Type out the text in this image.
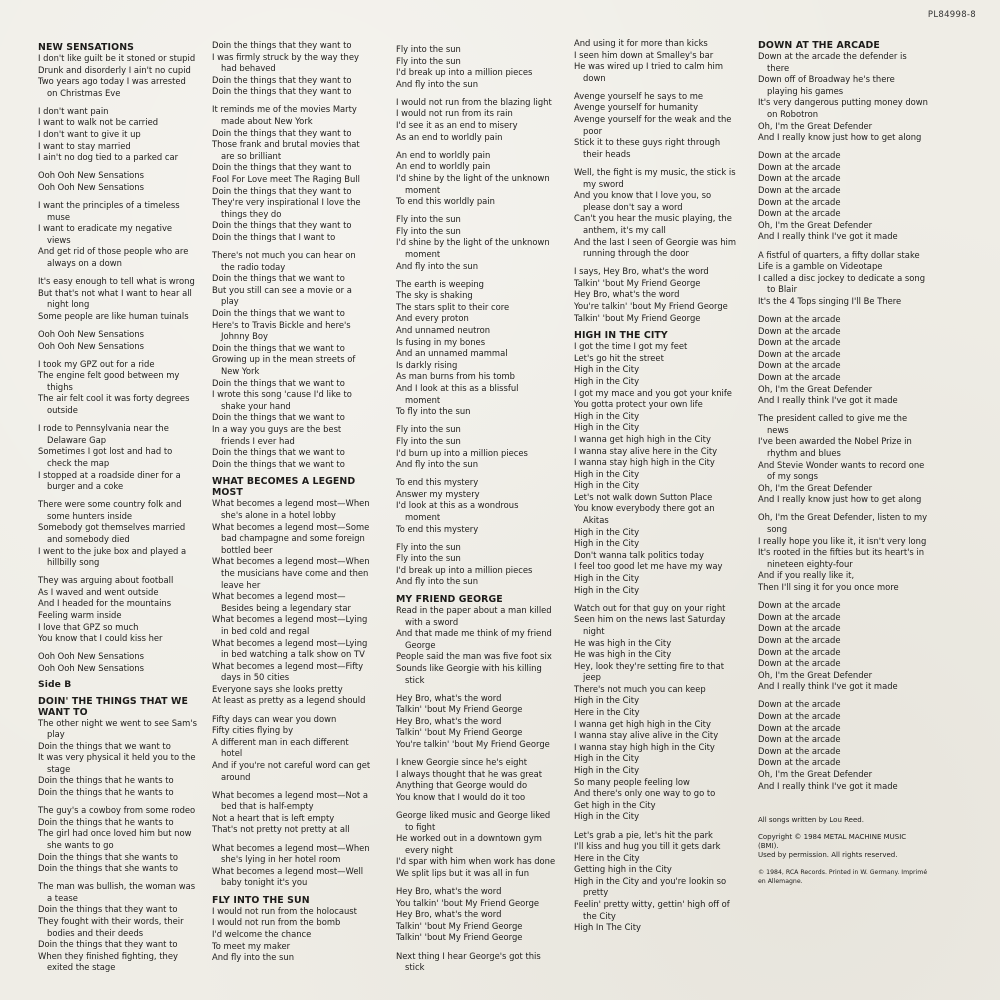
PL84998-8
NEW SENSATIONS
I don't like guilt be it stoned or stupid
Drunk and disorderly I ain't no cupid
Two years ago today I was arrested on Christmas Eve
I don't want pain
I want to walk not be carried
I don't want to give it up
I want to stay married
I ain't no dog tied to a parked car
Ooh Ooh New Sensations
Ooh Ooh New Sensations
I want the principles of a timeless muse
I want to eradicate my negative views
And get rid of those people who are always on a down
It's easy enough to tell what is wrong
But that's not what I want to hear all night long
Some people are like human tuinals
Ooh Ooh New Sensations
Ooh Ooh New Sensations
I took my GPZ out for a ride
The engine felt good between my thighs
The air felt cool it was forty degrees outside
I rode to Pennsylvania near the Delaware Gap
Sometimes I got lost and had to check the map
I stopped at a roadside diner for a burger and a coke
There were some country folk and some hunters inside
Somebody got themselves married and somebody died
I went to the juke box and played a hillbilly song
They was arguing about football
As I waved and went outside
And I headed for the mountains
Feeling warm inside
I love that GPZ so much
You know that I could kiss her
Ooh Ooh New Sensations
Ooh Ooh New Sensations
Side B
DOIN' THE THINGS THAT WE WANT TO
The other night we went to see Sam's play
Doin the things that we want to
It was very physical it held you to the stage
Doin the things that he wants to
Doin the things that he wants to
The guy's a cowboy from some rodeo
Doin the things that he wants to
The girl had once loved him but now she wants to go
Doin the things that she wants to
Doin the things that she wants to
The man was bullish, the woman was a tease
Doin the things that they want to
They fought with their words, their bodies and their deeds
Doin the things that they want to
When they finished fighting, they exited the stage
Doin the things that they want to
I was firmly struck by the way they had behaved
Doin the things that they want to
Doin the things that they want to
It reminds me of the movies Marty made about New York
Doin the things that they want to
Those frank and brutal movies that are so brilliant
Doin the things that they want to
Fool For Love meet The Raging Bull
Doin the things that they want to
They're very inspirational I love the things they do
Doin the things that they want to
Doin the things that I want to
There's not much you can hear on the radio today
Doin the things that we want to
But you still can see a movie or a play
Doin the things that we want to
Here's to Travis Bickle and here's Johnny Boy
Doin the things that we want to
Growing up in the mean streets of New York
Doin the things that we want to
I wrote this song 'cause I'd like to shake your hand
Doin the things that we want to
In a way you guys are the best friends I ever had
Doin the things that we want to
Doin the things that we want to
WHAT BECOMES A LEGEND MOST
What becomes a legend most—When she's alone in a hotel lobby
What becomes a legend most—Some bad champagne and some foreign bottled beer
What becomes a legend most—When the musicians have come and then leave her
What becomes a legend most— Besides being a legendary star
What becomes a legend most—Lying in bed cold and regal
What becomes a legend most—Lying in bed watching a talk show on TV
What becomes a legend most—Fifty days in 50 cities
Everyone says she looks pretty
At least as pretty as a legend should
Fifty days can wear you down
Fifty cities flying by
A different man in each different hotel
And if you're not careful word can get around
What becomes a legend most—Not a bed that is half-empty
Not a heart that is left empty
That's not pretty not pretty at all
What becomes a legend most—When she's lying in her hotel room
What becomes a legend most—Well baby tonight it's you
FLY INTO THE SUN
I would not run from the holocaust
I would not run from the bomb
I'd welcome the chance
To meet my maker
And fly into the sun
Fly into the sun
Fly into the sun
I'd break up into a million pieces
And fly into the sun
I would not run from the blazing light
I would not run from its rain
I'd see it as an end to misery
As an end to worldly pain
An end to worldly pain
An end to worldly pain
I'd shine by the light of the unknown moment
To end this worldly pain
Fly into the sun
Fly into the sun
I'd shine by the light of the unknown moment
And fly into the sun
The earth is weeping
The sky is shaking
The stars split to their core
And every proton
And unnamed neutron
Is fusing in my bones
And an unnamed mammal
Is darkly rising
As man burns from his tomb
And I look at this as a blissful moment
To fly into the sun
Fly into the sun
Fly into the sun
I'd burn up into a million pieces
And fly into the sun
To end this mystery
Answer my mystery
I'd look at this as a wondrous moment
To end this mystery
Fly into the sun
Fly into the sun
I'd break up into a million pieces
And fly into the sun
MY FRIEND GEORGE
Read in the paper about a man killed with a sword
And that made me think of my friend George
People said the man was five foot six
Sounds like Georgie with his killing stick
Hey Bro, what's the word
Talkin' 'bout My Friend George
Hey Bro, what's the word
Talkin' 'bout My Friend George
You're talkin' 'bout My Friend George
I knew Georgie since he's eight
I always thought that he was great
Anything that George would do
You know that I would do it too
George liked music and George liked to fight
He worked out in a downtown gym every night
I'd spar with him when work has done
We split lips but it was all in fun
Hey Bro, what's the word
You talkin' 'bout My Friend George
Hey Bro, what's the word
Talkin' 'bout My Friend George
Talkin' 'bout My Friend George
Next thing I hear George's got this stick
And using it for more than kicks
I seen him down at Smalley's bar
He was wired up I tried to calm him down
Avenge yourself he says to me
Avenge yourself for humanity
Avenge yourself for the weak and the poor
Stick it to these guys right through their heads
Well, the fight is my music, the stick is my sword
And you know that I love you, so please don't say a word
Can't you hear the music playing, the anthem, it's my call
And the last I seen of Georgie was him running through the door
I says, Hey Bro, what's the word
Talkin' 'bout My Friend George
Hey Bro, what's the word
You're talkin' 'bout My Friend George
Talkin' 'bout My Friend George
HIGH IN THE CITY
I got the time I got my feet
Let's go hit the street
High in the City
High in the City
I got my mace and you got your knife
You gotta protect your own life
High in the City
High in the City
I wanna get high high in the City
I wanna stay alive here in the City
I wanna stay high high in the City
High in the City
High in the City
Let's not walk down Sutton Place
You know everybody there got an Akitas
High in the City
High in the City
Don't wanna talk politics today
I feel too good let me have my way
High in the City
High in the City
Watch out for that guy on your right
Seen him on the news last Saturday night
He was high in the City
He was high in the City
Hey, look they're setting fire to that jeep
There's not much you can keep
High in the City
Here in the City
I wanna get high high in the City
I wanna stay alive alive in the City
I wanna stay high high in the City
High in the City
High in the City
So many people feeling low
And there's only one way to go to
Get high in the City
High in the City
Let's grab a pie, let's hit the park
I'll kiss and hug you till it gets dark
Here in the City
Getting high in the City
High in the City and you're lookin so pretty
Feelin' pretty witty, gettin' high off of the City
High In The City
DOWN AT THE ARCADE
Down at the arcade the defender is there
Down off of Broadway he's there playing his games
It's very dangerous putting money down on Robotron
Oh, I'm the Great Defender
And I really know just how to get along
Down at the arcade
Down at the arcade
Down at the arcade
Down at the arcade
Down at the arcade
Down at the arcade
Oh, I'm the Great Defender
And I really think I've got it made
A fistful of quarters, a fifty dollar stake
Life is a gamble on Videotape
I called a disc jockey to dedicate a song to Blair
It's the 4 Tops singing I'll Be There
Down at the arcade
Down at the arcade
Down at the arcade
Down at the arcade
Down at the arcade
Down at the arcade
Oh, I'm the Great Defender
And I really think I've got it made
The president called to give me the news
I've been awarded the Nobel Prize in rhythm and blues
And Stevie Wonder wants to record one of my songs
Oh, I'm the Great Defender
And I really know just how to get along
Oh, I'm the Great Defender, listen to my song
I really hope you like it, it isn't very long
It's rooted in the fifties but its heart's in nineteen eighty-four
And if you really like it,
Then I'll sing it for you once more
Down at the arcade
Down at the arcade
Down at the arcade
Down at the arcade
Down at the arcade
Down at the arcade
Oh, I'm the Great Defender
And I really think I've got it made
Down at the arcade
Down at the arcade
Down at the arcade
Down at the arcade
Down at the arcade
Down at the arcade
Oh, I'm the Great Defender
And I really think I've got it made
All songs written by Lou Reed.
Copyright © 1984 METAL MACHINE MUSIC (BMI).
Used by permission. All rights reserved.
© 1984, RCA Records. Printed in W. Germany. Imprimé en Allemagne.
